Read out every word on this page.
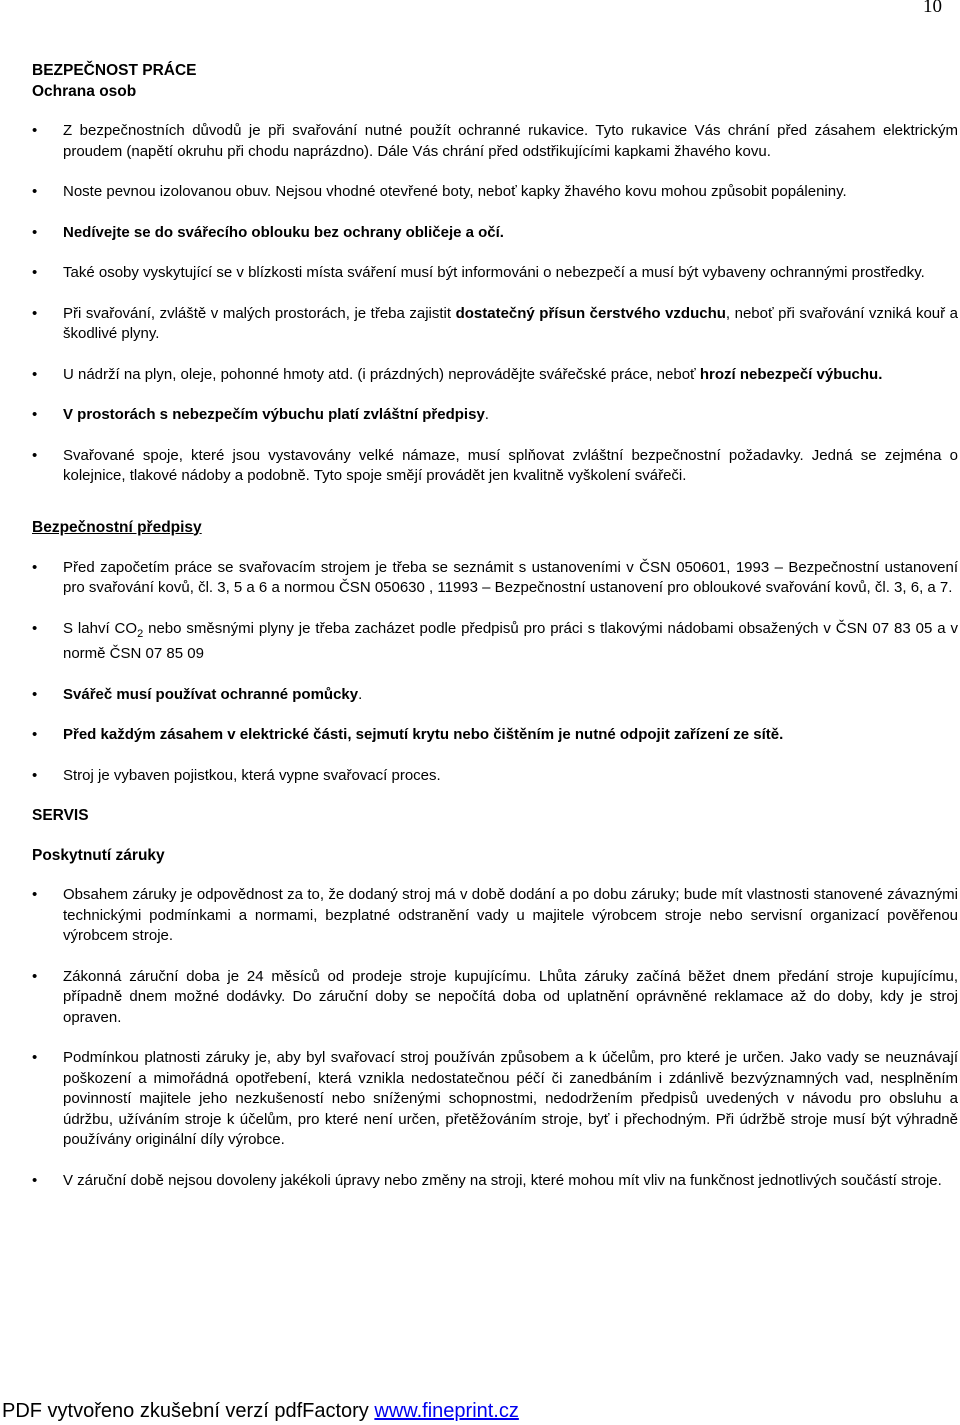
10
BEZPEČNOST PRÁCE
Ochrana osob
• Z bezpečnostních důvodů je při svařování nutné použít ochranné rukavice. Tyto rukavice Vás chrání před zásahem elektrickým proudem (napětí okruhu při chodu naprázdno). Dále Vás chrání před odstřikujícími kapkami žhavého kovu.
• Noste pevnou izolovanou obuv. Nejsou vhodné otevřené boty, neboť kapky žhavého kovu mohou způsobit popáleniny.
• Nedívejte se do svářecího oblouku bez ochrany obličeje a očí.
• Také osoby vyskytující se v blízkosti místa sváření musí být informováni o nebezpečí a musí být vybaveny ochrannými prostředky.
• Při svařování, zvláště v malých prostorách, je třeba zajistit dostatečný přísun čerstvého vzduchu, neboť při svařování vzniká kouř a škodlivé plyny.
• U nádrží na plyn, oleje, pohonné hmoty atd. (i prázdných) neprovádějte svářečské práce, neboť hrozí nebezpečí výbuchu.
• V prostorách s nebezpečím výbuchu platí zvláštní předpisy.
• Svařované spoje, které jsou vystavovány velké námaze, musí splňovat zvláštní bezpečnostní požadavky. Jedná se zejména o kolejnice, tlakové nádoby a podobně. Tyto spoje smějí provádět jen kvalitně vyškolení svářeči.
Bezpečnostní předpisy
• Před započetím práce se svařovacím strojem je třeba se seznámit s ustanoveními v ČSN 050601, 1993 – Bezpečnostní ustanovení pro svařování kovů, čl. 3, 5 a 6 a normou ČSN 050630 , 11993 – Bezpečnostní ustanovení pro obloukové svařování kovů, čl. 3, 6, a 7.
• S lahví $CO_2$ nebo směsnými plyny je třeba zacházet podle předpisů pro práci s tlakovými nádobami obsažených v ČSN 07 83 05 a v normě ČSN 07 85 09
• Svářeč musí používat ochranné pomůcky.
• Před každým zásahem v elektrické části, sejmutí krytu nebo čištěním je nutné odpojit zařízení ze sítě.
• Stroj je vybaven pojistkou, která vypne svařovací proces.
SERVIS
Poskytnutí záruky
• Obsahem záruky je odpovědnost za to, že dodaný stroj má v době dodání a po dobu záruky; bude mít vlastnosti stanovené závaznými technickými podmínkami a normami, bezplatné odstranění vady u majitele výrobcem stroje nebo servisní organizací pověřenou výrobcem stroje.
• Zákonná záruční doba je 24 měsíců od prodeje stroje kupujícímu. Lhůta záruky začíná běžet dnem předání stroje kupujícímu, případně dnem možné dodávky. Do záruční doby se nepočítá doba od uplatnění oprávněné reklamace až do doby, kdy je stroj opraven.
• Podmínkou platnosti záruky je, aby byl svařovací stroj používán způsobem a k účelům, pro které je určen. Jako vady se neuznávají poškození a mimořádná opotřebení, která vznikla nedostatečnou péčí či zanedbáním i zdánlivě bezvýznamných vad, nesplněním povinností majitele jeho nezkušeností nebo sníženými schopnostmi, nedodržením předpisů uvedených v návodu pro obsluhu a údržbu, užíváním stroje k účelům, pro které není určen, přetěžováním stroje, byť i přechodným. Při údržbě stroje musí být výhradně používány originální díly výrobce.
• V záruční době nejsou dovoleny jakékoli úpravy nebo změny na stroji, které mohou mít vliv na funkčnost jednotlivých součástí stroje.
PDF vytvořeno zkušební verzí pdfFactory www.fineprint.cz
